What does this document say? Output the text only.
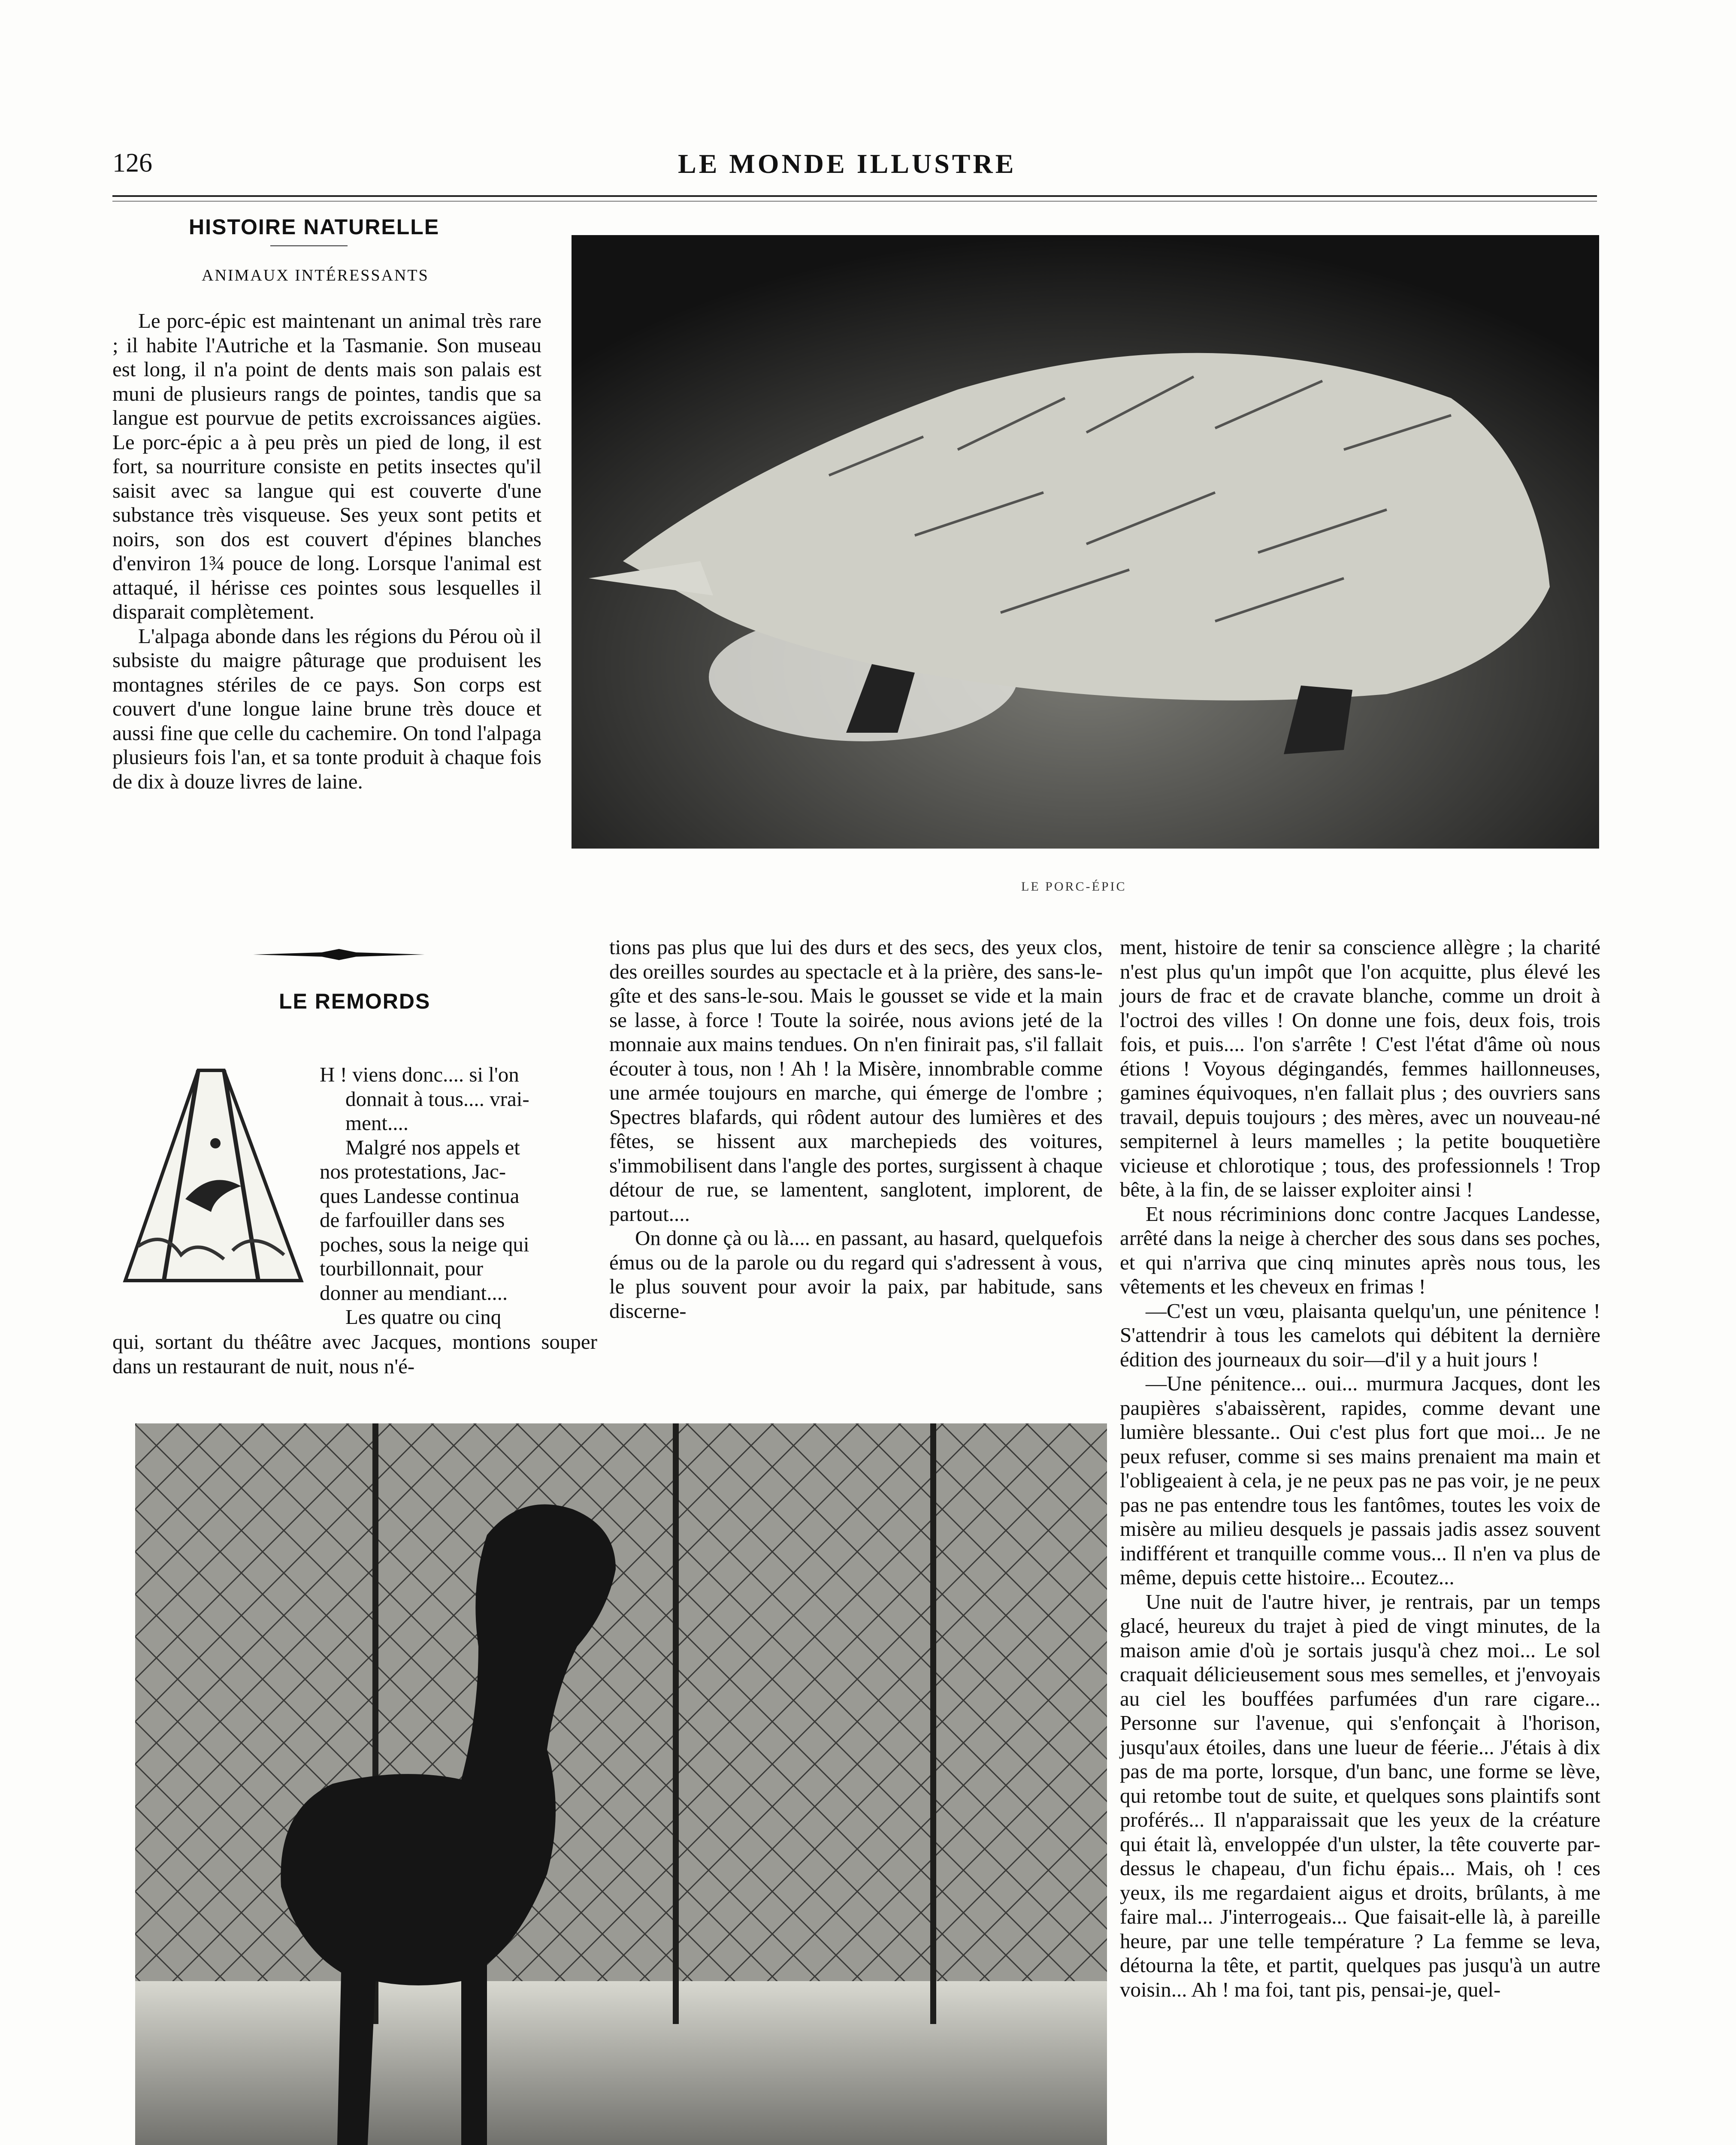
126	LE MONDE ILLUSTRE
HISTOIRE NATURELLE
ANIMAUX INTÉRESSANTS

Le porc-épic est maintenant un animal très rare ; il habite l'Autriche et la Tasmanie. Son museau est long, il n'a point de dents mais son palais est muni de plusieurs rangs de pointes, tandis que sa langue est pourvue de petits excroissances aigües. Le porc-épic a à peu près un pied de long, il est fort, sa nourriture consiste en petits insectes qu'il saisit avec sa langue qui est couverte d'une substance très visqueuse. Ses yeux sont petits et noirs, son dos est couvert d'épines blanches d'environ 1¾ pouce de long. Lorsque l'animal est attaqué, il hérisse ces pointes sous lesquelles il disparait complètement.

L'alpaga abonde dans les régions du Pérou où il subsiste du maigre pâturage que produisent les montagnes stériles de ce pays. Son corps est couvert d'une longue laine brune très douce et aussi fine que celle du cachemire. On tond l'alpaga plusieurs fois l'an, et sa tonte produit à chaque fois de dix à douze livres de laine.

LE PORC-ÉPIC
LE REMORDS

H ! viens donc.... si l'on

donnait à tous.... vrai-

ment....

Malgré nos appels et

nos protestations, Jac-

ques Landesse continua

de farfouiller dans ses

poches, sous la neige qui

tourbillonnait, pour

donner au mendiant....

Les quatre ou cinq

qui, sortant du théâtre avec Jacques, montions souper dans un restaurant de nuit, nous n'é-

tions pas plus que lui des durs et des secs, des yeux clos, des oreilles sourdes au spectacle et à la prière, des sans-le-gîte et des sans-le-sou. Mais le gousset se vide et la main se lasse, à force ! Toute la soirée, nous avions jeté de la monnaie aux mains tendues. On n'en finirait pas, s'il fallait écouter à tous, non ! Ah ! la Misère, innombrable comme une armée toujours en marche, qui émerge de l'ombre ; Spectres blafards, qui rôdent autour des lumières et des fêtes, se hissent aux marchepieds des voitures, s'immobilisent dans l'angle des portes, surgissent à chaque détour de rue, se lamentent, sanglotent, implorent, de partout....

On donne çà ou là.... en passant, au hasard, quelquefois émus ou de la parole ou du regard qui s'adressent à vous, le plus souvent pour avoir la paix, par habitude, sans discerne-

ment, histoire de tenir sa conscience allègre ; la charité n'est plus qu'un impôt que l'on acquitte, plus élevé les jours de frac et de cravate blanche, comme un droit à l'octroi des villes ! On donne une fois, deux fois, trois fois, et puis.... l'on s'arrête ! C'est l'état d'âme où nous étions ! Voyous dégingandés, femmes haillonneuses, gamines équivoques, n'en fallait plus ; des ouvriers sans travail, depuis toujours ; des mères, avec un nouveau-né sempiternel à leurs mamelles ; la petite bouquetière vicieuse et chlorotique ; tous, des professionnels ! Trop bête, à la fin, de se laisser exploiter ainsi !

Et nous récriminions donc contre Jacques Landesse, arrêté dans la neige à chercher des sous dans ses poches, et qui n'arriva que cinq minutes après nous tous, les vêtements et les cheveux en frimas !

—C'est un vœu, plaisanta quelqu'un, une pénitence ! S'attendrir à tous les camelots qui débitent la dernière édition des journeaux du soir—d'il y a huit jours !

—Une pénitence... oui... murmura Jacques, dont les paupières s'abaissèrent, rapides, comme devant une lumière blessante.. Oui c'est plus fort que moi... Je ne peux refuser, comme si ses mains prenaient ma main et l'obligeaient à cela, je ne peux pas ne pas voir, je ne peux pas ne pas entendre tous les fantômes, toutes les voix de misère au milieu desquels je passais jadis assez souvent indifférent et tranquille comme vous... Il n'en va plus de même, depuis cette histoire... Ecoutez...

Une nuit de l'autre hiver, je rentrais, par un temps glacé, heureux du trajet à pied de vingt minutes, de la maison amie d'où je sortais jusqu'à chez moi... Le sol craquait délicieusement sous mes semelles, et j'envoyais au ciel les bouffées parfumées d'un rare cigare... Personne sur l'avenue, qui s'enfonçait à l'horison, jusqu'aux étoiles, dans une lueur de féerie... J'étais à dix pas de ma porte, lorsque, d'un banc, une forme se lève, qui retombe tout de suite, et quelques sons plaintifs sont proférés... Il n'apparaissait que les yeux de la créature qui était là, enveloppée d'un ulster, la tête couverte par-dessus le chapeau, d'un fichu épais... Mais, oh ! ces yeux, ils me regardaient aigus et droits, brûlants, à me faire mal... J'interrogeais... Que faisait-elle là, à pareille heure, par une telle température ? La femme se leva, détourna la tête, et partit, quelques pas jusqu'à un autre voisin... Ah ! ma foi, tant pis, pensai-je, quel-
